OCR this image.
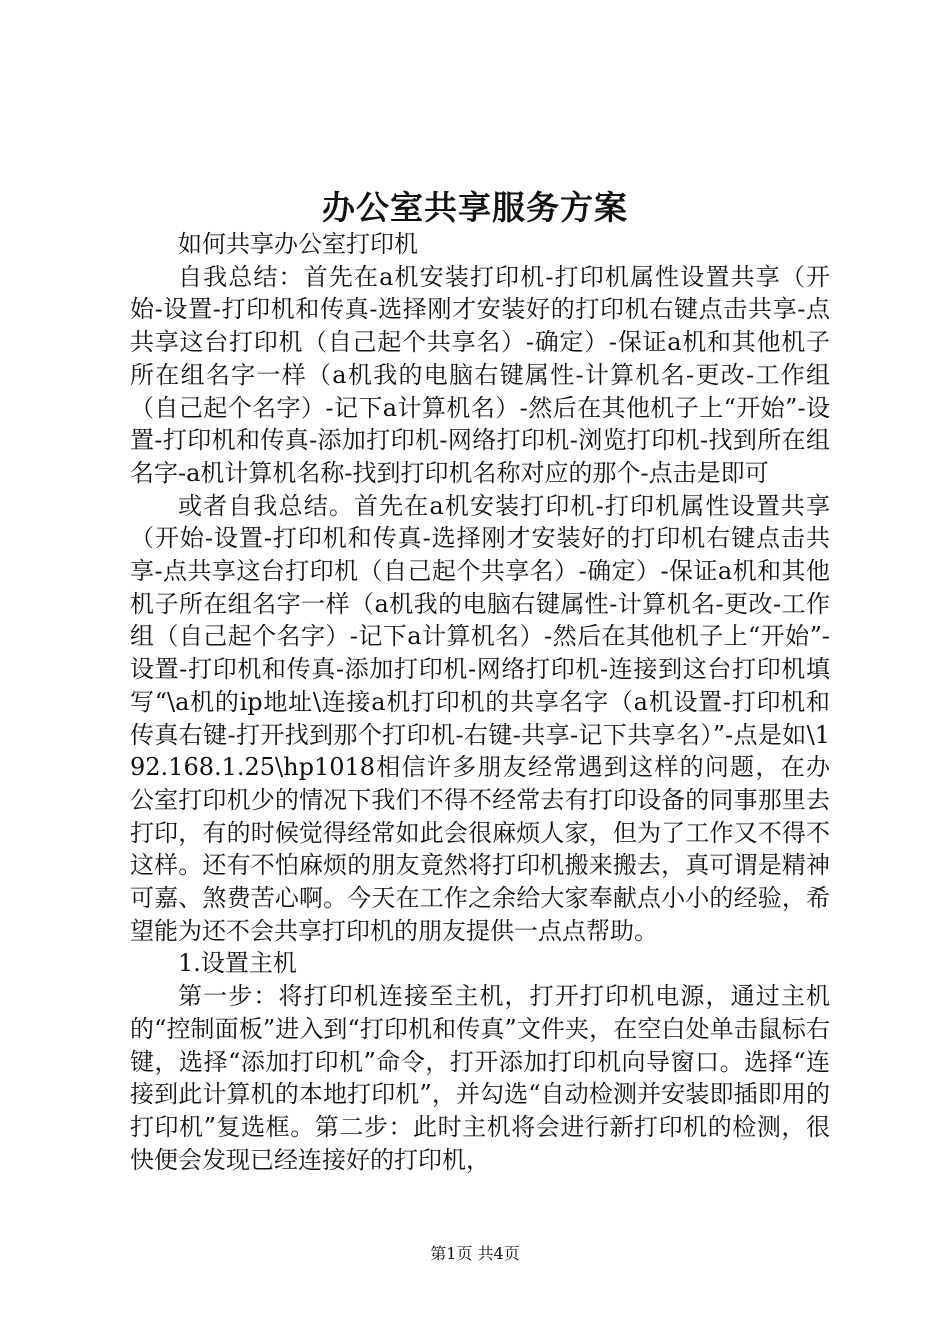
办公室共享服务方案

如何共享办公室打印机

自我总结：首先在a机安装打印机-打印机属性设置共享（开始-设置-打印机和传真-选择刚才安装好的打印机右键点击共享-点共享这台打印机（自己起个共享名）-确定）-保证a机和其他机子所在组名字一样（a机我的电脑右键属性-计算机名-更改-工作组（自己起个名字）-记下a计算机名）-然后在其他机子上“开始”-设置-打印机和传真-添加打印机-网络打印机-浏览打印机-找到所在组名字-a机计算机名称-找到打印机名称对应的那个-点击是即可

或者自我总结。首先在a机安装打印机-打印机属性设置共享（开始-设置-打印机和传真-选择刚才安装好的打印机右键点击共享-点共享这台打印机（自己起个共享名）-确定）-保证a机和其他机子所在组名字一样（a机我的电脑右键属性-计算机名-更改-工作组（自己起个名字）-记下a计算机名）-然后在其他机子上“开始”-设置-打印机和传真-添加打印机-网络打印机-连接到这台打印机填写“\a机的ip地址\连接a机打印机的共享名字（a机设置-打印机和传真右键-打开找到那个打印机-右键-共享-记下共享名）”-点是如\192.168.1.25\hp1018相信许多朋友经常遇到这样的问题，在办公室打印机少的情况下我们不得不经常去有打印设备的同事那里去打印，有的时候觉得经常如此会很麻烦人家，但为了工作又不得不这样。还有不怕麻烦的朋友竟然将打印机搬来搬去，真可谓是精神可嘉、煞费苦心啊。今天在工作之余给大家奉献点小小的经验，希望能为还不会共享打印机的朋友提供一点点帮助。

1.设置主机

第一步：将打印机连接至主机，打开打印机电源，通过主机的“控制面板”进入到“打印机和传真”文件夹，在空白处单击鼠标右键，选择“添加打印机”命令，打开添加打印机向导窗口。选择“连接到此计算机的本地打印机”，并勾选“自动检测并安装即插即用的打印机”复选框。第二步：此时主机将会进行新打印机的检测，很快便会发现已经连接好的打印机，

第1页 共4页
